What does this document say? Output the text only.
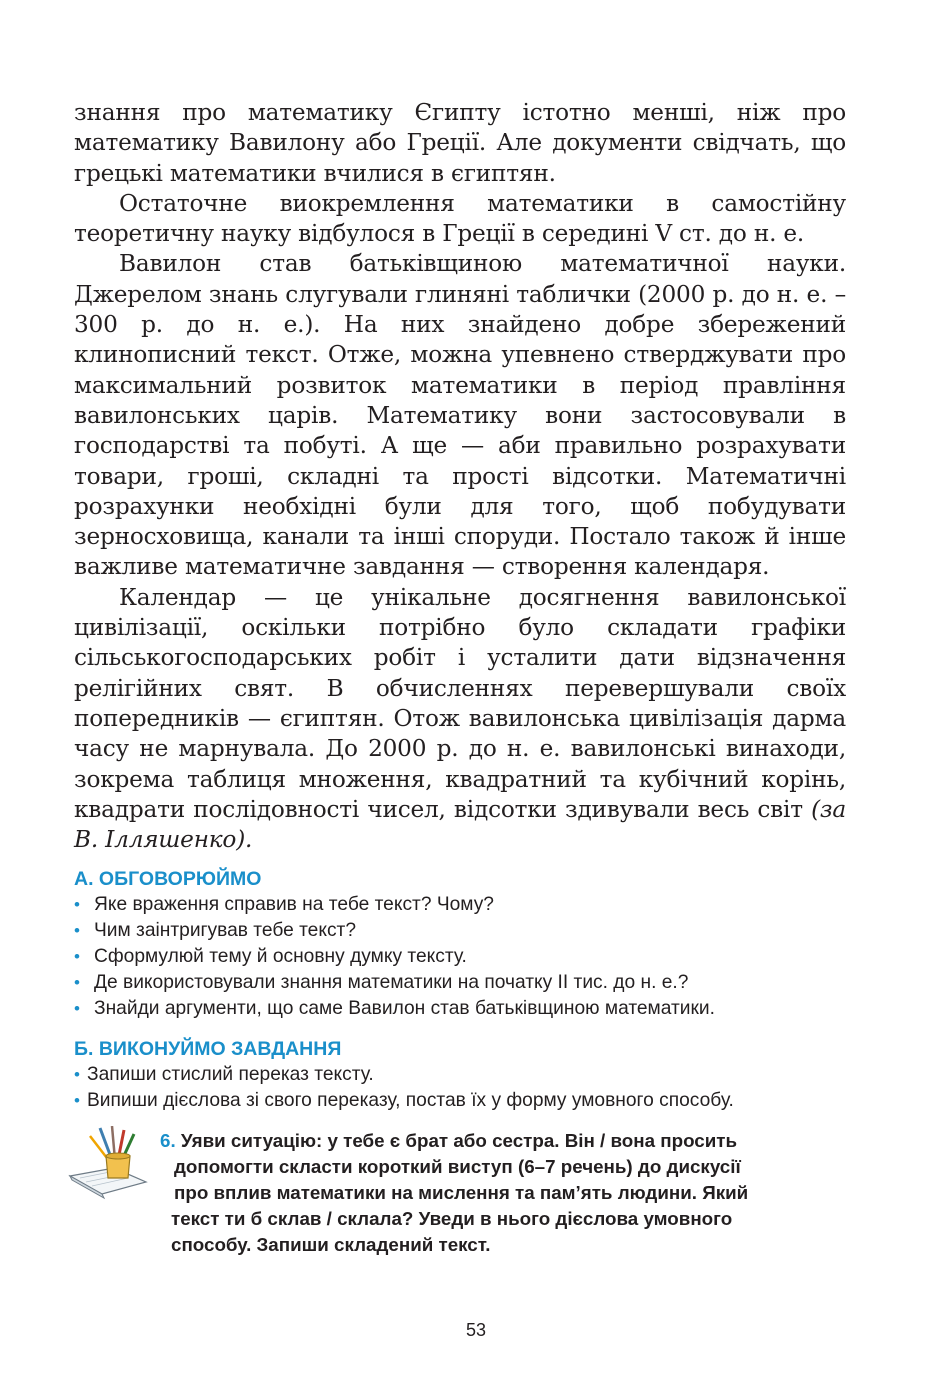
знання про математику Єгипту істотно менші, ніж про математику Вавилону або Греції. Але документи свідчать, що грецькі математики вчилися в єгиптян.

Остаточне виокремлення математики в самостійну теоретичну науку відбулося в Греції в середині V ст. до н. е.

Вавилон став батьківщиною математичної науки. Джерелом знань слугували глиняні таблички (2000 р. до н. е. – 300 р. до н. е.). На них знайдено добре збережений клинописний текст. Отже, можна упевнено стверджувати про максимальний розвиток математики в період правління вавилонських царів. Математику вони застосовували в господарстві та побуті. А ще — аби правильно розрахувати товари, гроші, складні та прості відсотки. Математичні розрахунки необхідні були для того, щоб побудувати зерносховища, канали та інші споруди. Постало також й інше важливе математичне завдання — створення календаря.

Календар — це унікальне досягнення вавилонської цивілізації, оскільки потрібно було складати графіки сільськогосподарських робіт і усталити дати відзначення релігійних свят. В обчисленнях перевершували своїх попередників — єгиптян. Отож вавилонська цивілізація дарма часу не марнувала. До 2000 р. до н. е. вавилонські винаходи, зокрема таблиця множення, квадратний та кубічний корінь, квадрати послідовності чисел, відсотки здивували весь світ (за В. Ілляшенко).

А. ОБГОВОРЮЙМО
• Яке враження справив на тебе текст? Чому?
• Чим заінтригував тебе текст?
• Сформулюй тему й основну думку тексту.
• Де використовували знання математики на початку ІІ тис. до н. е.?
• Знайди аргументи, що саме Вавилон став батьківщиною математики.
Б. ВИКОНУЙМО ЗАВДАННЯ
• Запиши стислий переказ тексту.
• Випиши дієслова зі свого переказу, постав їх у форму умовного способу.
6. Уяви ситуацію: у тебе є брат або сестра. Він / вона просить
допомогти скласти короткий виступ (6–7 речень) до дискусії
про вплив математики на мислення та пам’ять людини. Який
текст ти б склав / склала? Уведи в нього дієслова умовного
способу. Запиши складений текст.
53
